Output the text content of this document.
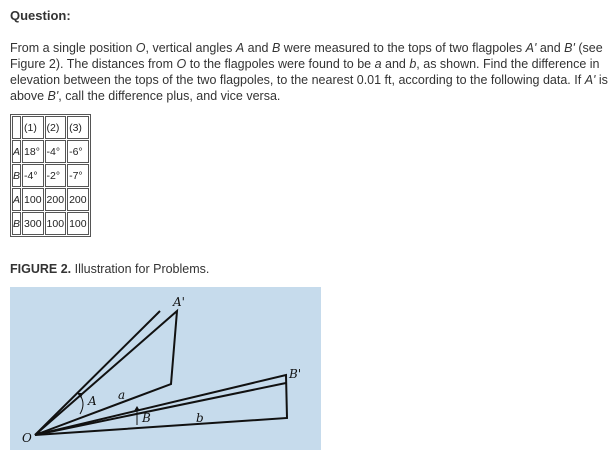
Question:
From a single position O, vertical angles A and B were measured to the tops of two flagpoles A' and B' (see Figure 2). The distances from O to the flagpoles were found to be a and b, as shown. Find the difference in elevation between the tops of the two flagpoles, to the nearest 0.01 ft, according to the following data. If A' is above B', call the difference plus, and vice versa.
	(1)	(2)	(3)
A	18°	-4°	-6°
B	-4°	-2°	-7°
A	100	200	200
B	300	100	100
FIGURE 2. Illustration for Problems.
A'
B'
A
B
a
b
O
